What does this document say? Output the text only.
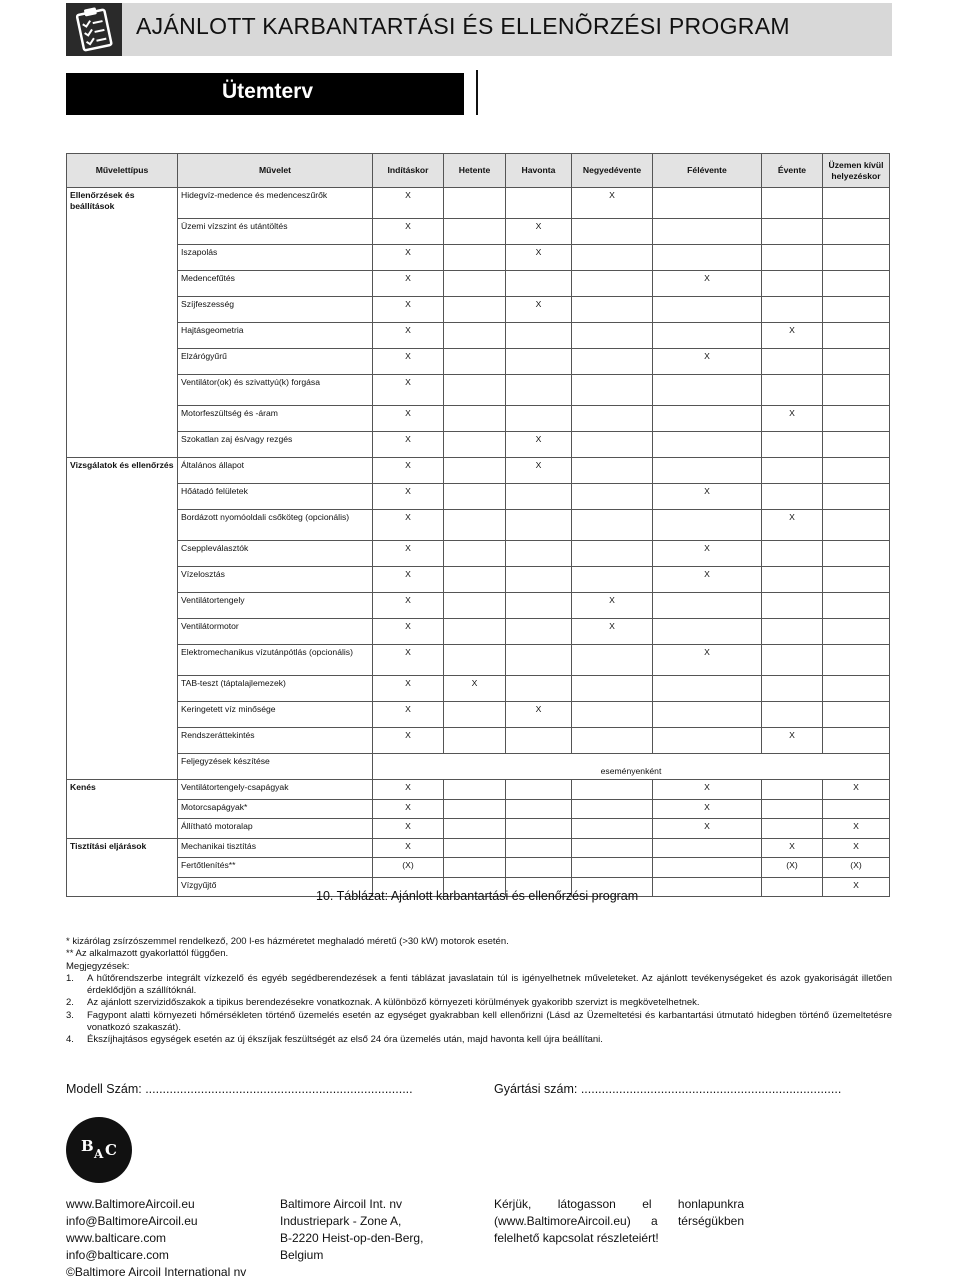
AJÁNLOTT KARBANTARTÁSI ÉS ELLENÕRZÉSI PROGRAM
Ütemterv
Művelettípus	Művelet	Indításkor	Hetente	Havonta	Negyedévente	Félévente	Évente	Üzemen kívül helyezéskor
Ellenőrzések és beállítások	Hidegvíz-medence és medenceszűrők	X			X			
	Üzemi vízszint és utántöltés	X		X				
	Iszapolás	X		X				
	Medencefűtés	X				X		
	Szíjfeszesség	X		X				
	Hajtásgeometria	X					X	
	Elzárógyűrű	X				X		
	Ventilátor(ok) és szivattyú(k) forgása	X						
	Motorfeszültség és -áram	X					X	
	Szokatlan zaj és/vagy rezgés	X		X				
Vizsgálatok és ellenőrzés	Általános állapot	X		X				
	Hőátadó felületek	X				X		
	Bordázott nyomóoldali csőköteg (opcionális)	X					X	
	Cseppleválasztók	X				X		
	Vízelosztás	X				X		
	Ventilátortengely	X			X			
	Ventilátormotor	X			X			
	Elektromechanikus vízutánpótlás (opcionális)	X				X		
	TAB-teszt (táptalajlemezek)	X	X					
	Keringetett víz minősége	X		X				
	Rendszeráttekintés	X					X	
	Feljegyzések készítése	eseményenként						
Kenés	Ventilátortengely-csapágyak	X				X		X
	Motorcsapágyak*	X				X		
	Állítható motoralap	X				X		X
Tisztítási eljárások	Mechanikai tisztítás	X					X	X
	Fertőtlenítés**	(X)					(X)	(X)
	Vízgyűjtő							X
10. Táblázat: Ajánlott karbantartási és ellenőrzési program

* kizárólag zsírzószemmel rendelkező, 200 l-es házméretet meghaladó méretű (>30 kW) motorok esetén.

** Az alkalmazott gyakorlattól függően.

Megjegyzések:

1. A hűtőrendszerbe integrált vízkezelő és egyéb segédberendezések a fenti táblázat javaslatain túl is igényelhetnek műveleteket. Az ajánlott tevékenységeket és azok gyakoriságát illetően érdeklődjön a szállítóknál.
2. Az ajánlott szervizidőszakok a tipikus berendezésekre vonatkoznak. A különböző környezeti körülmények gyakoribb szervizt is megkövetelhetnek.
3. Fagypont alatti környezeti hőmérsékleten történő üzemelés esetén az egységet gyakrabban kell ellenőrizni (Lásd az Üzemeltetési és karbantartási útmutató hidegben történő üzemeltetésre vonatkozó szakaszát).
4. Ékszíjhajtásos egységek esetén az új ékszíjak feszültségét az első 24 óra üzemelés után, majd havonta kell újra beállítani.
Modell Szám: .............................................................................	Gyártási szám: ...........................................................................
B A C
www.BaltimoreAircoil.eu
info@BaltimoreAircoil.eu
www.balticare.com
info@balticare.com
©Baltimore Aircoil International nv
Baltimore Aircoil Int. nv
Industriepark - Zone A,
B-2220 Heist-op-den-Berg,
Belgium
Kérjük, látogasson el honlapunkra (www.BaltimoreAircoil.eu) a térségükben felelhető kapcsolat részleteiért!
